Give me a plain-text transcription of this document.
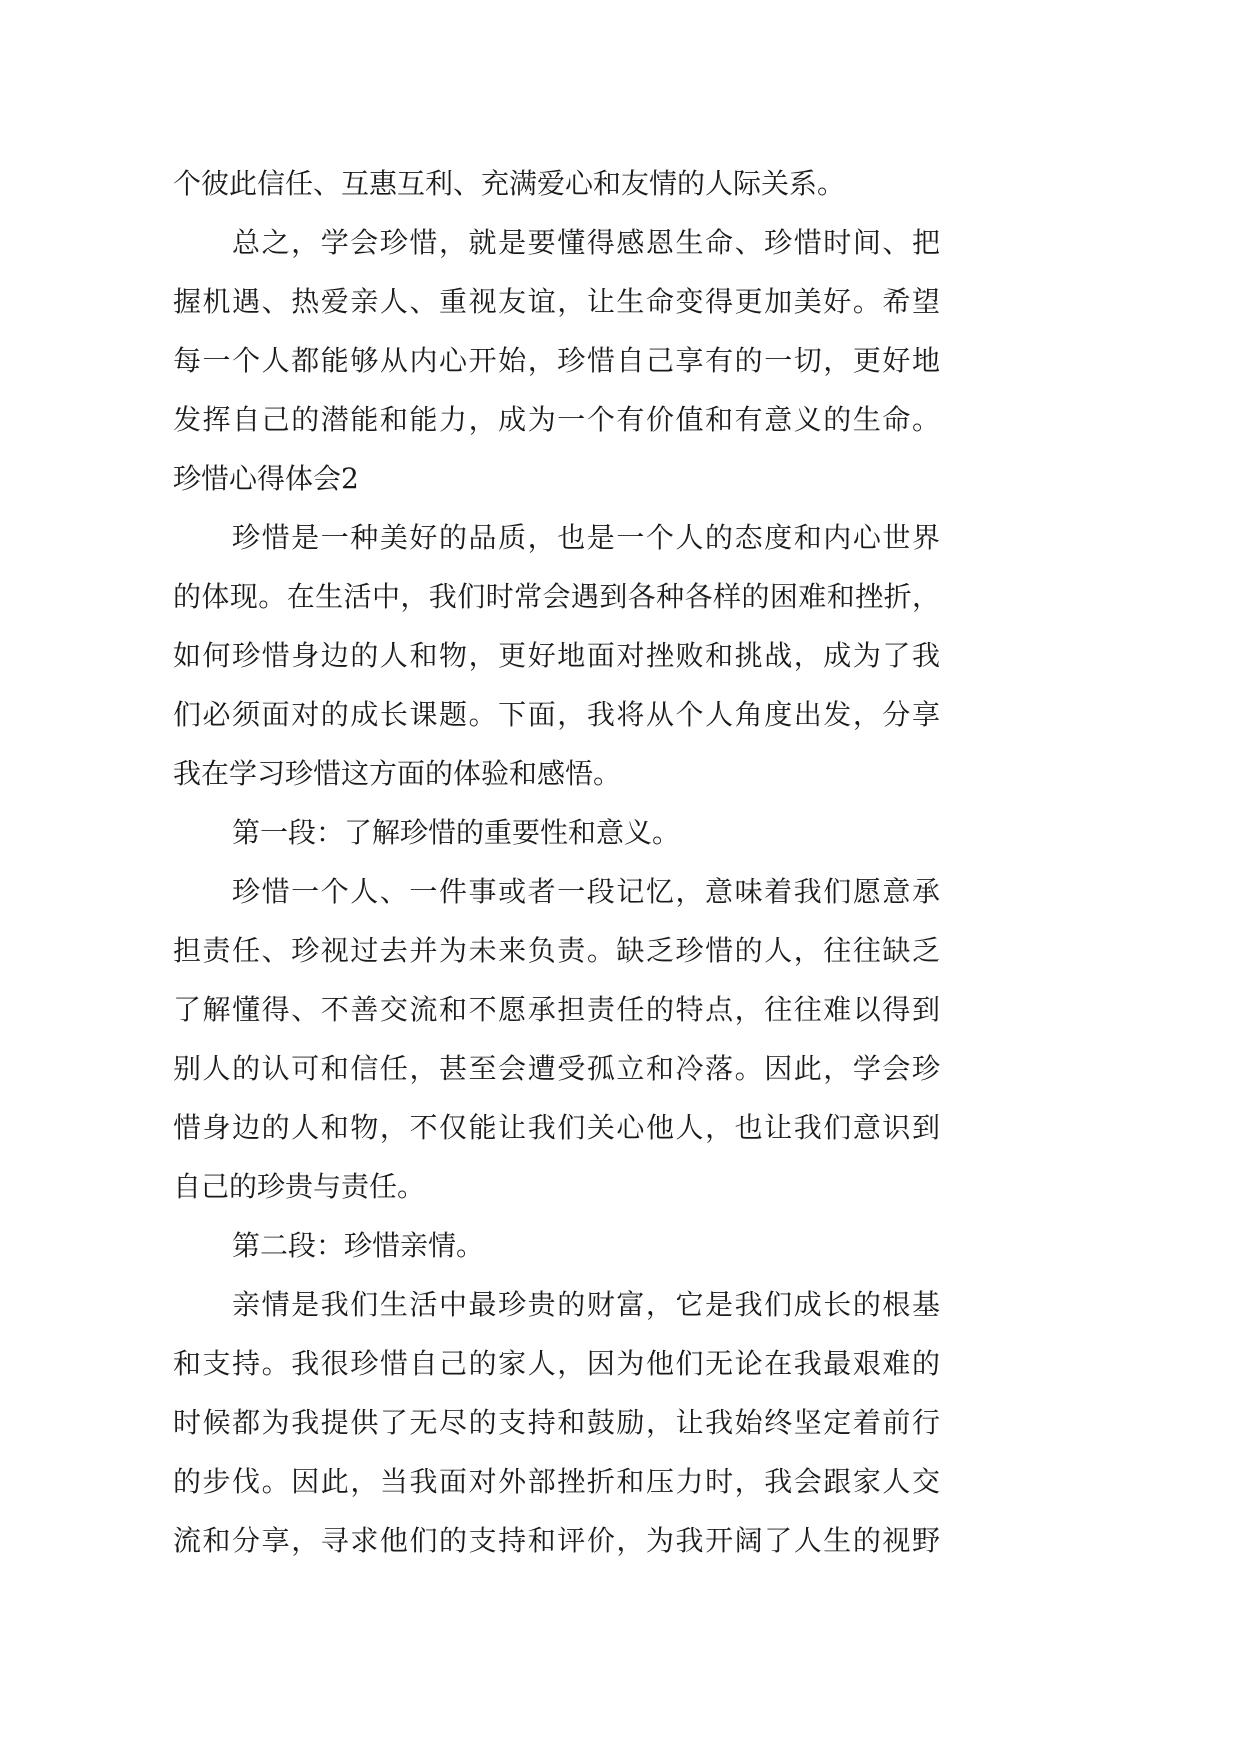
个彼此信任、互惠互利、充满爱心和友情的人际关系。
总之，学会珍惜，就是要懂得感恩生命、珍惜时间、把
握机遇、热爱亲人、重视友谊，让生命变得更加美好。希望
每一个人都能够从内心开始，珍惜自己享有的一切，更好地
发挥自己的潜能和能力，成为一个有价值和有意义的生命。
珍惜心得体会2
珍惜是一种美好的品质，也是一个人的态度和内心世界
的体现。在生活中，我们时常会遇到各种各样的困难和挫折，
如何珍惜身边的人和物，更好地面对挫败和挑战，成为了我
们必须面对的成长课题。下面，我将从个人角度出发，分享
我在学习珍惜这方面的体验和感悟。
第一段：了解珍惜的重要性和意义。
珍惜一个人、一件事或者一段记忆，意味着我们愿意承
担责任、珍视过去并为未来负责。缺乏珍惜的人，往往缺乏
了解懂得、不善交流和不愿承担责任的特点，往往难以得到
别人的认可和信任，甚至会遭受孤立和冷落。因此，学会珍
惜身边的人和物，不仅能让我们关心他人，也让我们意识到
自己的珍贵与责任。
第二段：珍惜亲情。
亲情是我们生活中最珍贵的财富，它是我们成长的根基
和支持。我很珍惜自己的家人，因为他们无论在我最艰难的
时候都为我提供了无尽的支持和鼓励，让我始终坚定着前行
的步伐。因此，当我面对外部挫折和压力时，我会跟家人交
流和分享，寻求他们的支持和评价，为我开阔了人生的视野
